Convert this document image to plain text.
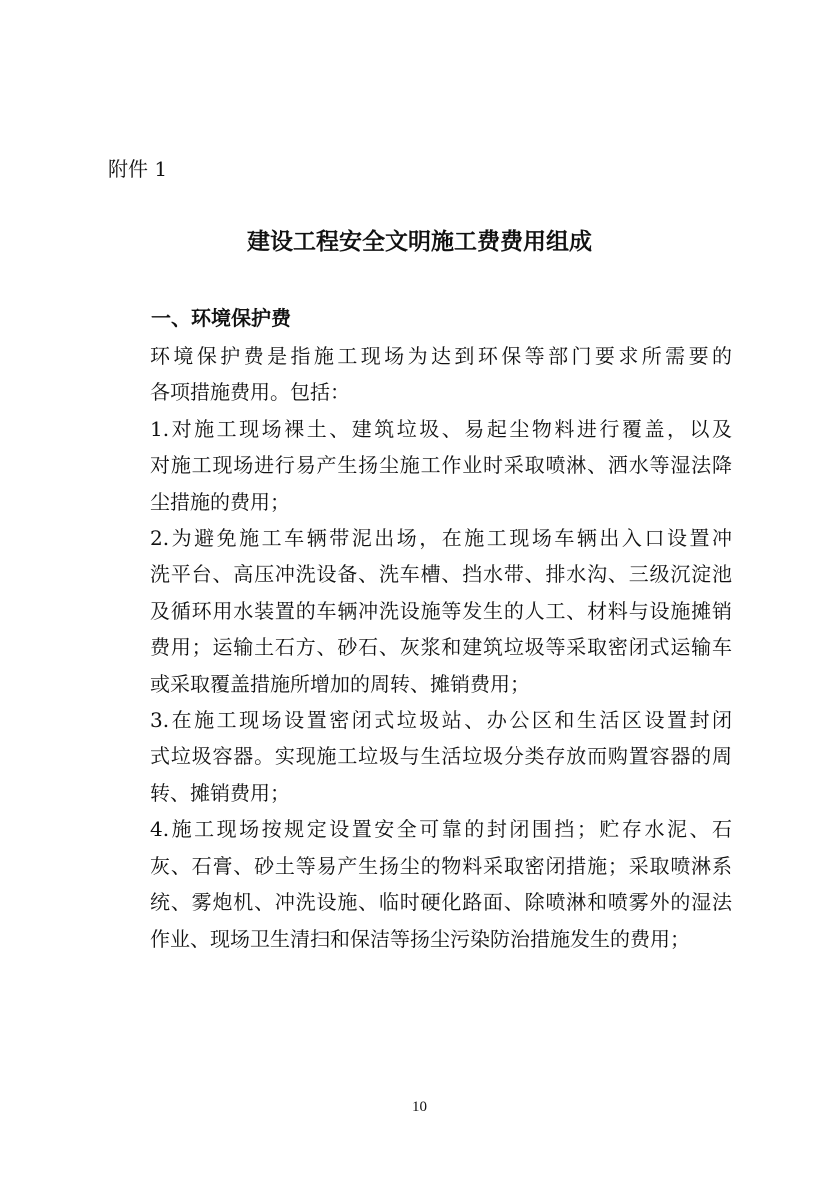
附件 1
建设工程安全文明施工费费用组成
一、环境保护费

环境保护费是指施工现场为达到环保等部门要求所需要的
各项措施费用。包括：

1.对施工现场裸土、建筑垃圾、易起尘物料进行覆盖，以及
对施工现场进行易产生扬尘施工作业时采取喷淋、洒水等湿法降
尘措施的费用；

2.为避免施工车辆带泥出场，在施工现场车辆出入口设置冲
洗平台、高压冲洗设备、洗车槽、挡水带、排水沟、三级沉淀池
及循环用水装置的车辆冲洗设施等发生的人工、材料与设施摊销
费用；运输土石方、砂石、灰浆和建筑垃圾等采取密闭式运输车
或采取覆盖措施所增加的周转、摊销费用；

3.在施工现场设置密闭式垃圾站、办公区和生活区设置封闭
式垃圾容器。实现施工垃圾与生活垃圾分类存放而购置容器的周
转、摊销费用；

4.施工现场按规定设置安全可靠的封闭围挡；贮存水泥、石
灰、石膏、砂土等易产生扬尘的物料采取密闭措施；采取喷淋系
统、雾炮机、冲洗设施、临时硬化路面、除喷淋和喷雾外的湿法
作业、现场卫生清扫和保洁等扬尘污染防治措施发生的费用；

10
